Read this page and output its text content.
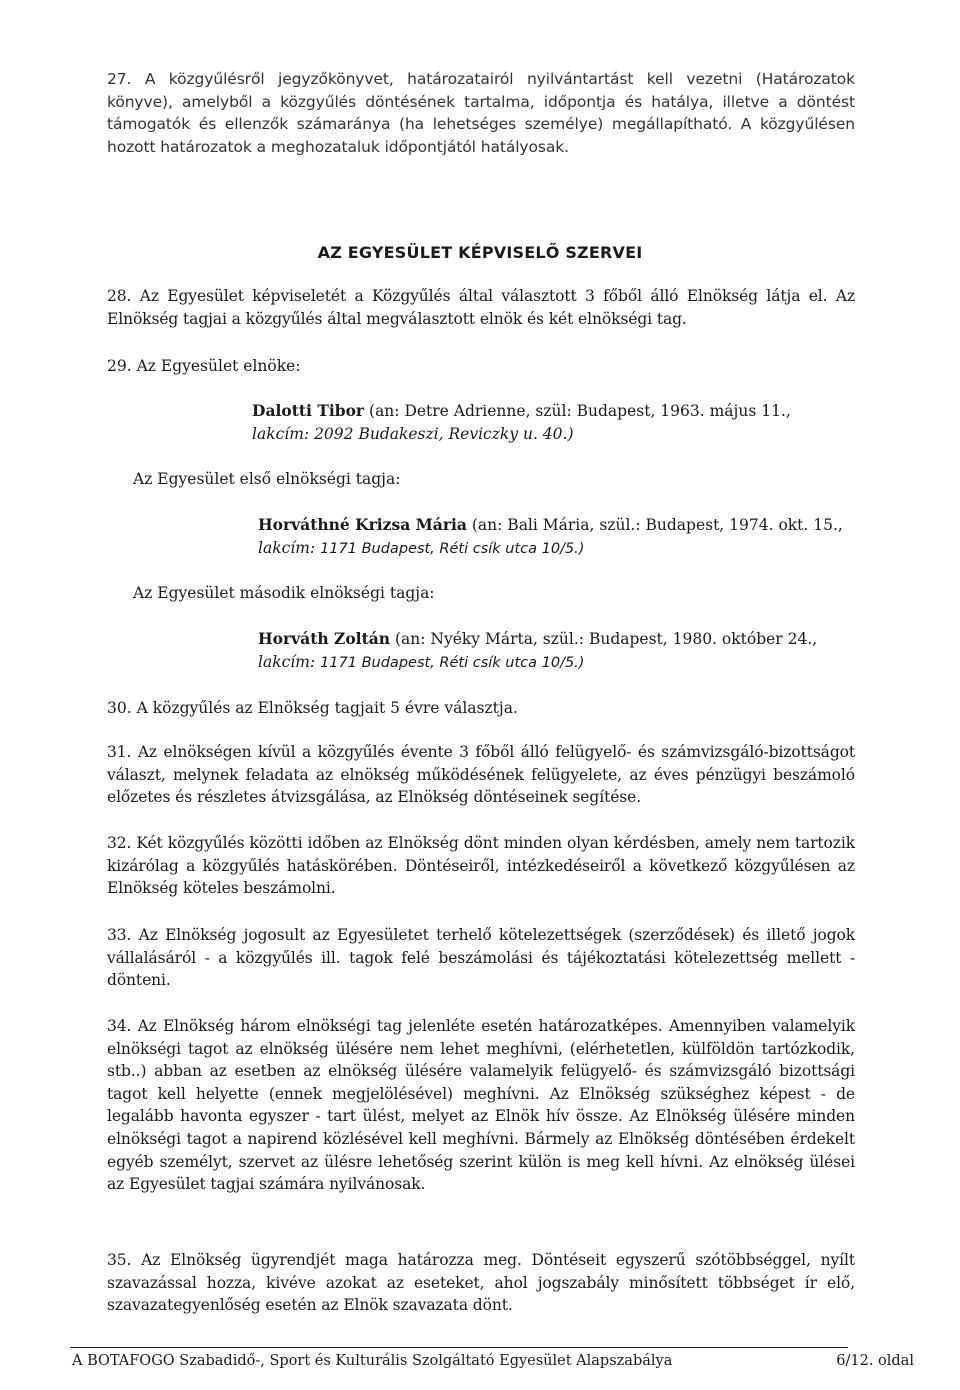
27. A közgyűlésről jegyzőkönyvet, határozatairól nyilvántartást kell vezetni (Határozatok könyve), amelyből a közgyűlés döntésének tartalma, időpontja és hatálya, illetve a döntést támogatók és ellenzők számaránya (ha lehetséges személye) megállapítható. A közgyűlésen hozott határozatok a meghozataluk időpontjától hatályosak.

AZ EGYESÜLET KÉPVISELŐ SZERVEI

28. Az Egyesület képviseletét a Közgyűlés által választott 3 főből álló Elnökség látja el. Az Elnökség tagjai a közgyűlés által megválasztott elnök és két elnökségi tag.

29. Az Egyesület elnöke:

Dalotti Tibor (an: Detre Adrienne, szül: Budapest, 1963. május 11.,
lakcím: 2092 Budakeszi, Reviczky u. 40.)

Az Egyesület első elnökségi tagja:

Horváthné Krizsa Mária (an: Bali Mária, szül.: Budapest, 1974. okt. 15.,
lakcím: 1171 Budapest, Réti csík utca 10/5.)

Az Egyesület második elnökségi tagja:

Horváth Zoltán (an: Nyéky Márta, szül.: Budapest, 1980. október 24.,
lakcím: 1171 Budapest, Réti csík utca 10/5.)

30. A közgyűlés az Elnökség tagjait 5 évre választja.

31. Az elnökségen kívül a közgyűlés évente 3 főből álló felügyelő- és számvizsgáló-bizottságot választ, melynek feladata az elnökség működésének felügyelete, az éves pénzügyi beszámoló előzetes és részletes átvizsgálása, az Elnökség döntéseinek segítése.

32. Két közgyűlés közötti időben az Elnökség dönt minden olyan kérdésben, amely nem tartozik kizárólag a közgyűlés hatáskörében. Döntéseiről, intézkedéseiről a következő közgyűlésen az Elnökség köteles beszámolni.

33. Az Elnökség jogosult az Egyesületet terhelő kötelezettségek (szerződések) és illető jogok vállalásáról - a közgyűlés ill. tagok felé beszámolási és tájékoztatási kötelezettség mellett - dönteni.

34. Az Elnökség három elnökségi tag jelenléte esetén határozatképes. Amennyiben valamelyik elnökségi tagot az elnökség ülésére nem lehet meghívni, (elérhetetlen, külföldön tartózkodik, stb..) abban az esetben az elnökség ülésére valamelyik felügyelő- és számvizsgáló bizottsági tagot kell helyette (ennek megjelölésével) meghívni. Az Elnökség szükséghez képest - de legalább havonta egyszer - tart ülést, melyet az Elnök hív össze. Az Elnökség ülésére minden elnökségi tagot a napirend közlésével kell meghívni. Bármely az Elnökség döntésében érdekelt egyéb személyt, szervet az ülésre lehetőség szerint külön is meg kell hívni. Az elnökség ülései az Egyesület tagjai számára nyilvánosak.

35. Az Elnökség ügyrendjét maga határozza meg. Döntéseit egyszerű szótöbbséggel, nyílt szavazással hozza, kivéve azokat az eseteket, ahol jogszabály minősített többséget ír elő, szavazategyenlőség esetén az Elnök szavazata dönt.

A BOTAFOGO Szabadidő-, Sport és Kulturális Szolgáltató Egyesület Alapszabálya	6/12. oldal
